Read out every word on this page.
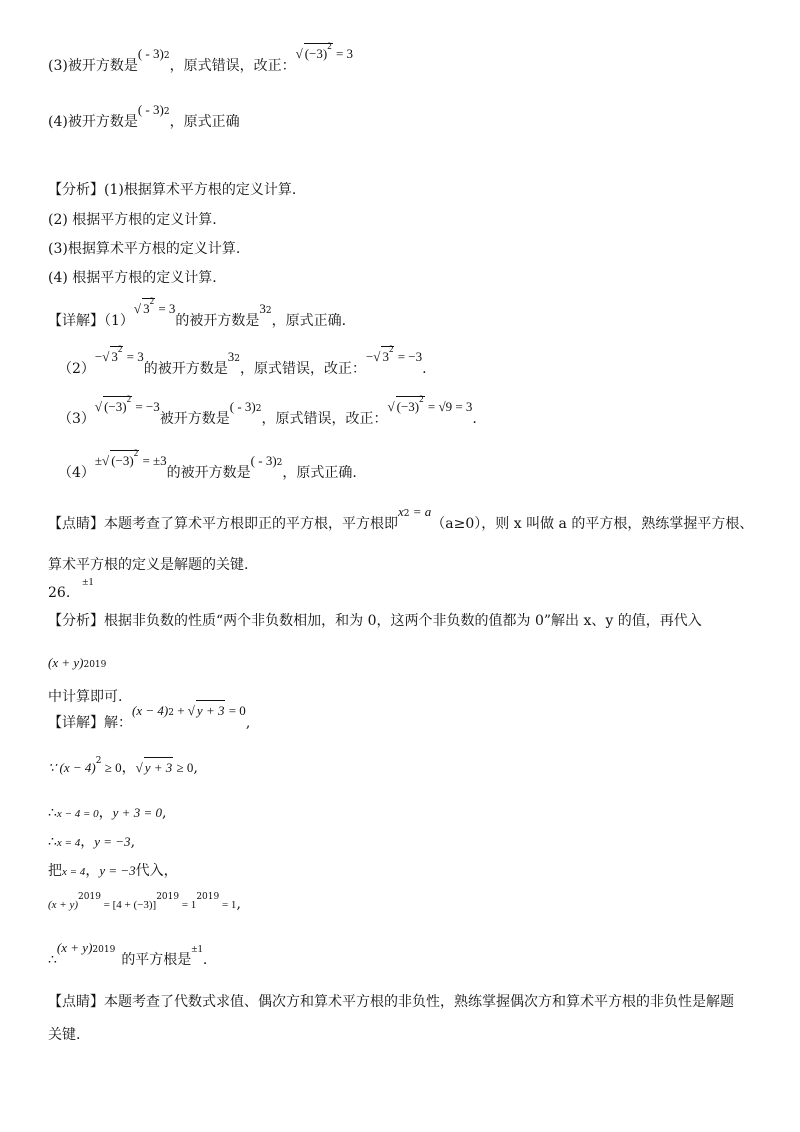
(3)被开方数是( - 3)$^2$，原式错误，改正：√ $(-3)^2 = 3$
(4)被开方数是( - 3)$^2$，原式正确
【分析】(1)根据算术平方根的定义计算.
(2) 根据平方根的定义计算.
(3)根据算术平方根的定义计算.
(4) 根据平方根的定义计算.
【详解】（1）√ $3^2 = 3$的被开方数是$3^2$，原式正确.
（2）−√ $3^2 = 3$的被开方数是$3^2$，原式错误，改正：−√ $3^2 = -3$.
（3）√ $(-3)^2 = -3$被开方数是( - 3)$^2$，原式错误，改正：√ $(-3)^2 = √9 = 3$.
（4）±√ $(-3)^2 = \pm 3$的被开方数是( - 3)$^2$，原式正确.
【点睛】本题考查了算术平方根即正的平方根，平方根即$x^2 = a(a\ge 0)$，则 x 叫做 a 的平方根，熟练掌握平方根、
算术平方根的定义是解题的关键.
26.$^{\pm 1}$
【分析】根据非负数的性质“两个非负数相加，和为 0，这两个非负数的值都为 0”解出 x、y 的值，再代入
$(x + y)^{2019}$
中计算即可.
【详解】解：$(x - 4)^2$ + √ y + 3 = 0,
∵ $(x - 4)^2 \ge 0$，√ y + 3 ≥ 0,
∴x − 4 = 0，y + 3 = 0,
∴x = 4，y = −3,
把x = 4，y = −3代入，
$(x + y)^{2019} = [4 + (-3)]^{2019} = 1^{2019} = 1$,
∴(x + y)$^{2019}$的平方根是$^{\pm 1}$.
【点睛】本题考查了代数式求值、偶次方和算术平方根的非负性，熟练掌握偶次方和算术平方根的非负性是解题
关键.
